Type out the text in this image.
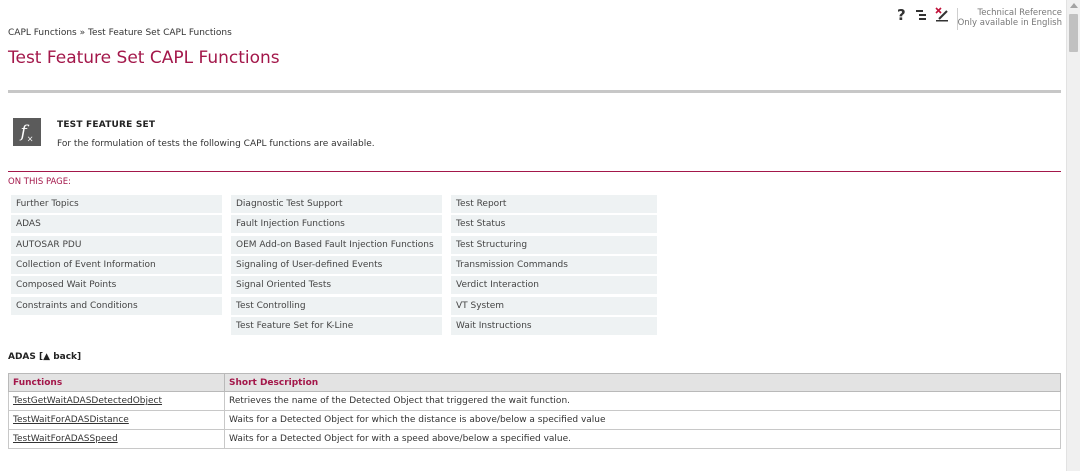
CAPL Functions » Test Feature Set CAPL Functions
?	Technical Reference
Only available in English
Test Feature Set CAPL Functions
$f_\times$
TEST FEATURE SET
For the formulation of tests the following CAPL functions are available.
ON THIS PAGE:
Further Topics
ADAS
AUTOSAR PDU
Collection of Event Information
Composed Wait Points
Constraints and Conditions
Diagnostic Test Support
Fault Injection Functions
OEM Add-on Based Fault Injection Functions
Signaling of User-defined Events
Signal Oriented Tests
Test Controlling
Test Feature Set for K-Line
Test Report
Test Status
Test Structuring
Transmission Commands
Verdict Interaction
VT System
Wait Instructions
ADAS [▲ back]
Functions	Short Description
TestGetWaitADASDetectedObject	Retrieves the name of the Detected Object that triggered the wait function.
TestWaitForADASDistance	Waits for a Detected Object for which the distance is above/below a specified value
TestWaitForADASSpeed	Waits for a Detected Object for with a speed above/below a specified value.
